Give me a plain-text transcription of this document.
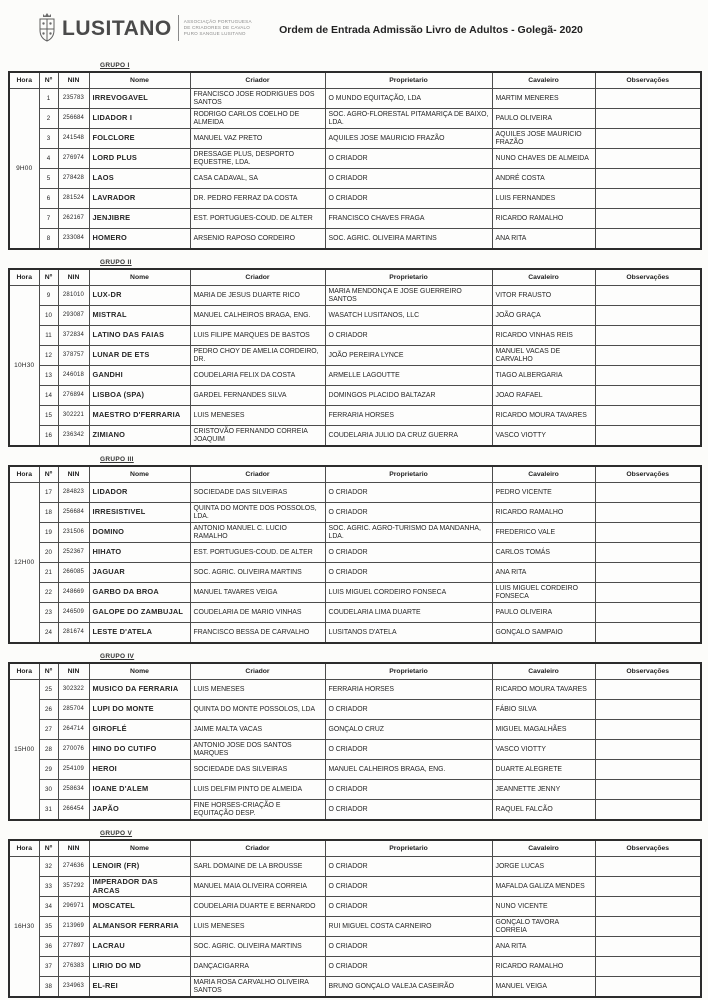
LUSITANO	ASSOCIAÇÃO PORTUGUESA
DE CRIADORES DE CAVALO
PURO SANGUE LUSITANO	Ordem de Entrada Admissão Livro de Adultos - Golegã- 2020
GRUPO I
Hora	Nº	NIN	Nome	Criador	Proprietario	Cavaleiro	Observações
9H00	1	235783	IRREVOGAVEL	FRANCISCO JOSE RODRIGUES DOS SANTOS	O MUNDO EQUITAÇÃO, LDA	MARTIM MENERES	
	2	256684	LIDADOR I	RODRIGO CARLOS COELHO DE ALMEIDA	SOC. AGRO-FLORESTAL PITAMARIÇA DE BAIXO, LDA.	PAULO OLIVEIRA	
	3	241548	FOLCLORE	MANUEL VAZ PRETO	AQUILES JOSE MAURICIO FRAZÃO	AQUILES JOSE MAURICIO FRAZÃO	
	4	276974	LORD PLUS	DRESSAGE PLUS, DESPORTO EQUESTRE, LDA.	O CRIADOR	NUNO CHAVES DE ALMEIDA	
	5	278428	LAOS	CASA CADAVAL, SA	O CRIADOR	ANDRÉ COSTA	
	6	281524	LAVRADOR	DR. PEDRO FERRAZ DA COSTA	O CRIADOR	LUIS FERNANDES	
	7	262167	JENJIBRE	EST. PORTUGUES-COUD. DE ALTER	FRANCISCO CHAVES FRAGA	RICARDO RAMALHO	
	8	233084	HOMERO	ARSENIO RAPOSO CORDEIRO	SOC. AGRIC. OLIVEIRA MARTINS	ANA RITA	
GRUPO II
Hora	Nº	NIN	Nome	Criador	Proprietario	Cavaleiro	Observações
10H30	9	281010	LUX-DR	MARIA DE JESUS DUARTE RICO	MARIA MENDONÇA E JOSE GUERREIRO SANTOS	VITOR FRAUSTO	
	10	293087	MISTRAL	MANUEL CALHEIROS BRAGA, ENG.	WASATCH LUSITANOS, LLC	JOÃO GRAÇA	
	11	372834	LATINO DAS FAIAS	LUIS FILIPE MARQUES DE BASTOS	O CRIADOR	RICARDO VINHAS REIS	
	12	378757	LUNAR DE ETS	PEDRO CHOY DE AMELIA CORDEIRO, DR.	JOÃO PEREIRA LYNCE	MANUEL VACAS DE CARVALHO	
	13	246018	GANDHI	COUDELARIA FELIX DA COSTA	ARMELLE LAGOUTTE	TIAGO ALBERGARIA	
	14	276894	LISBOA (SPA)	GARDEL FERNANDES SILVA	DOMINGOS PLACIDO BALTAZAR	JOAO RAFAEL	
	15	302221	MAESTRO D'FERRARIA	LUIS MENESES	FERRARIA HORSES	RICARDO MOURA TAVARES	
	16	236342	ZIMIANO	CRISTOVÃO FERNANDO CORREIA JOAQUIM	COUDELARIA JULIO DA CRUZ GUERRA	VASCO VIOTTY	
GRUPO III
Hora	Nº	NIN	Nome	Criador	Proprietario	Cavaleiro	Observações
12H00	17	284823	LIDADOR	SOCIEDADE DAS SILVEIRAS	O CRIADOR	PEDRO VICENTE	
	18	256684	IRRESISTIVEL	QUINTA DO MONTE DOS POSSOLOS, LDA.	O CRIADOR	RICARDO RAMALHO	
	19	231506	DOMINO	ANTONIO MANUEL C. LUCIO RAMALHO	SOC. AGRIC. AGRO-TURISMO DA MANDANHA, LDA.	FREDERICO VALE	
	20	252367	HIHATO	EST. PORTUGUES-COUD. DE ALTER	O CRIADOR	CARLOS TOMÁS	
	21	266085	JAGUAR	SOC. AGRIC. OLIVEIRA MARTINS	O CRIADOR	ANA RITA	
	22	248669	GARBO DA BROA	MANUEL TAVARES VEIGA	LUIS MIGUEL CORDEIRO FONSECA	LUIS MIGUEL CORDEIRO FONSECA	
	23	246509	GALOPE DO ZAMBUJAL	COUDELARIA DE MARIO VINHAS	COUDELARIA LIMA DUARTE	PAULO OLIVEIRA	
	24	281674	LESTE D'ATELA	FRANCISCO BESSA DE CARVALHO	LUSITANOS D'ATELA	GONÇALO SAMPAIO	
GRUPO IV
Hora	Nº	NIN	Nome	Criador	Proprietario	Cavaleiro	Observações
15H00	25	302322	MUSICO DA FERRARIA	LUIS MENESES	FERRARIA HORSES	RICARDO MOURA TAVARES	
	26	285704	LUPI DO MONTE	QUINTA DO MONTE POSSOLOS, LDA	O CRIADOR	FÁBIO SILVA	
	27	264714	GIROFLÉ	JAIME MALTA VACAS	GONÇALO CRUZ	MIGUEL MAGALHÃES	
	28	270076	HINO DO CUTIFO	ANTONIO JOSE DOS SANTOS MARQUES	O CRIADOR	VASCO VIOTTY	
	29	254109	HEROI	SOCIEDADE DAS SILVEIRAS	MANUEL CALHEIROS BRAGA, ENG.	DUARTE ALEGRETE	
	30	258634	IOANE D'ALEM	LUIS DELFIM PINTO DE ALMEIDA	O CRIADOR	JEANNETTE JENNY	
	31	266454	JAPÃO	FINE HORSES-CRIAÇÃO E EQUITAÇÃO DESP.	O CRIADOR	RAQUEL FALCÃO	
GRUPO V
Hora	Nº	NIN	Nome	Criador	Proprietario	Cavaleiro	Observações
16H30	32	274636	LENOIR (FR)	SARL DOMAINE DE LA BROUSSE	O CRIADOR	JORGE LUCAS	
	33	357292	IMPERADOR DAS ARCAS	MANUEL MAIA OLIVEIRA CORREIA	O CRIADOR	MAFALDA GALIZA MENDES	
	34	296971	MOSCATEL	COUDELARIA DUARTE E BERNARDO	O CRIADOR	NUNO VICENTE	
	35	213969	ALMANSOR FERRARIA	LUIS MENESES	RUI MIGUEL COSTA CARNEIRO	GONÇALO TAVORA CORREIA	
	36	277897	LACRAU	SOC. AGRIC. OLIVEIRA MARTINS	O CRIADOR	ANA RITA	
	37	276383	LIRIO DO MD	DANÇACIGARRA	O CRIADOR	RICARDO RAMALHO	
	38	234963	EL-REI	MARIA ROSA CARVALHO OLIVEIRA SANTOS	BRUNO GONÇALO VALEJA CASEIRÃO	MANUEL VEIGA	
